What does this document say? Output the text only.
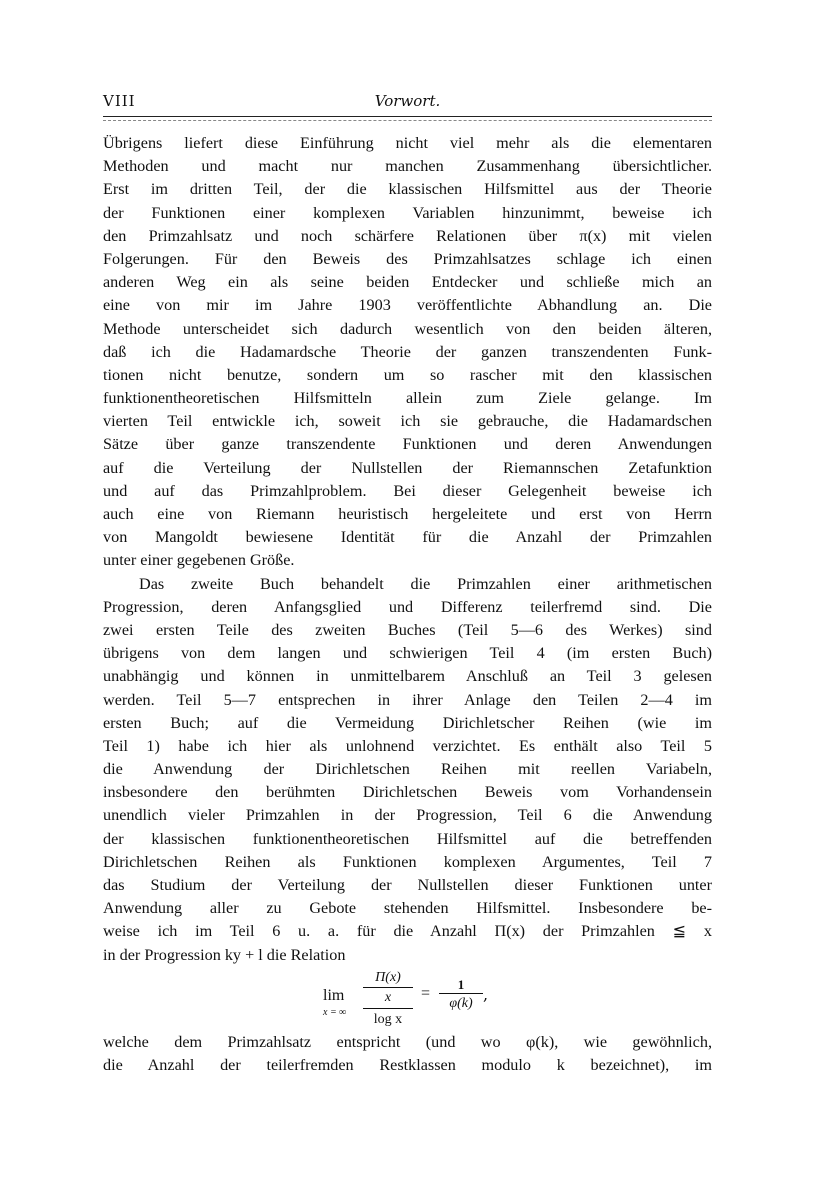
VIII	Vorwort.
Übrigens liefert diese Einführung nicht viel mehr als die elementaren
Methoden und macht nur manchen Zusammenhang übersichtlicher.
Erst im dritten Teil, der die klassischen Hilfsmittel aus der Theorie
der Funktionen einer komplexen Variablen hinzunimmt, beweise ich
den Primzahlsatz und noch schärfere Relationen über π(x) mit vielen
Folgerungen. Für den Beweis des Primzahlsatzes schlage ich einen
anderen Weg ein als seine beiden Entdecker und schließe mich an
eine von mir im Jahre 1903 veröffentlichte Abhandlung an. Die
Methode unterscheidet sich dadurch wesentlich von den beiden älteren,
daß ich die Hadamardsche Theorie der ganzen transzendenten Funk-
tionen nicht benutze, sondern um so rascher mit den klassischen
funktionentheoretischen Hilfsmitteln allein zum Ziele gelange. Im
vierten Teil entwickle ich, soweit ich sie gebrauche, die Hadamardschen
Sätze über ganze transzendente Funktionen und deren Anwendungen
auf die Verteilung der Nullstellen der Riemannschen Zetafunktion
und auf das Primzahlproblem. Bei dieser Gelegenheit beweise ich
auch eine von Riemann heuristisch hergeleitete und erst von Herrn
von Mangoldt bewiesene Identität für die Anzahl der Primzahlen
unter einer gegebenen Größe.
Das zweite Buch behandelt die Primzahlen einer arithmetischen
Progression, deren Anfangsglied und Differenz teilerfremd sind. Die
zwei ersten Teile des zweiten Buches (Teil 5—6 des Werkes) sind
übrigens von dem langen und schwierigen Teil 4 (im ersten Buch)
unabhängig und können in unmittelbarem Anschluß an Teil 3 gelesen
werden. Teil 5—7 entsprechen in ihrer Anlage den Teilen 2—4 im
ersten Buch; auf die Vermeidung Dirichletscher Reihen (wie im
Teil 1) habe ich hier als unlohnend verzichtet. Es enthält also Teil 5
die Anwendung der Dirichletschen Reihen mit reellen Variabeln,
insbesondere den berühmten Dirichletschen Beweis vom Vorhandensein
unendlich vieler Primzahlen in der Progression, Teil 6 die Anwendung
der klassischen funktionentheoretischen Hilfsmittel auf die betreffenden
Dirichletschen Reihen als Funktionen komplexen Argumentes, Teil 7
das Studium der Verteilung der Nullstellen dieser Funktionen unter
Anwendung aller zu Gebote stehenden Hilfsmittel. Insbesondere be-
weise ich im Teil 6 u. a. für die Anzahl Π(x) der Primzahlen ≦ x
in der Progression ky + l die Relation
lim
x = ∞
Π(x)
x
log x
= $\frac{1}{\varphi(k)}$ ,
welche dem Primzahlsatz entspricht (und wo φ(k), wie gewöhnlich,
die Anzahl der teilerfremden Restklassen modulo k bezeichnet), im
